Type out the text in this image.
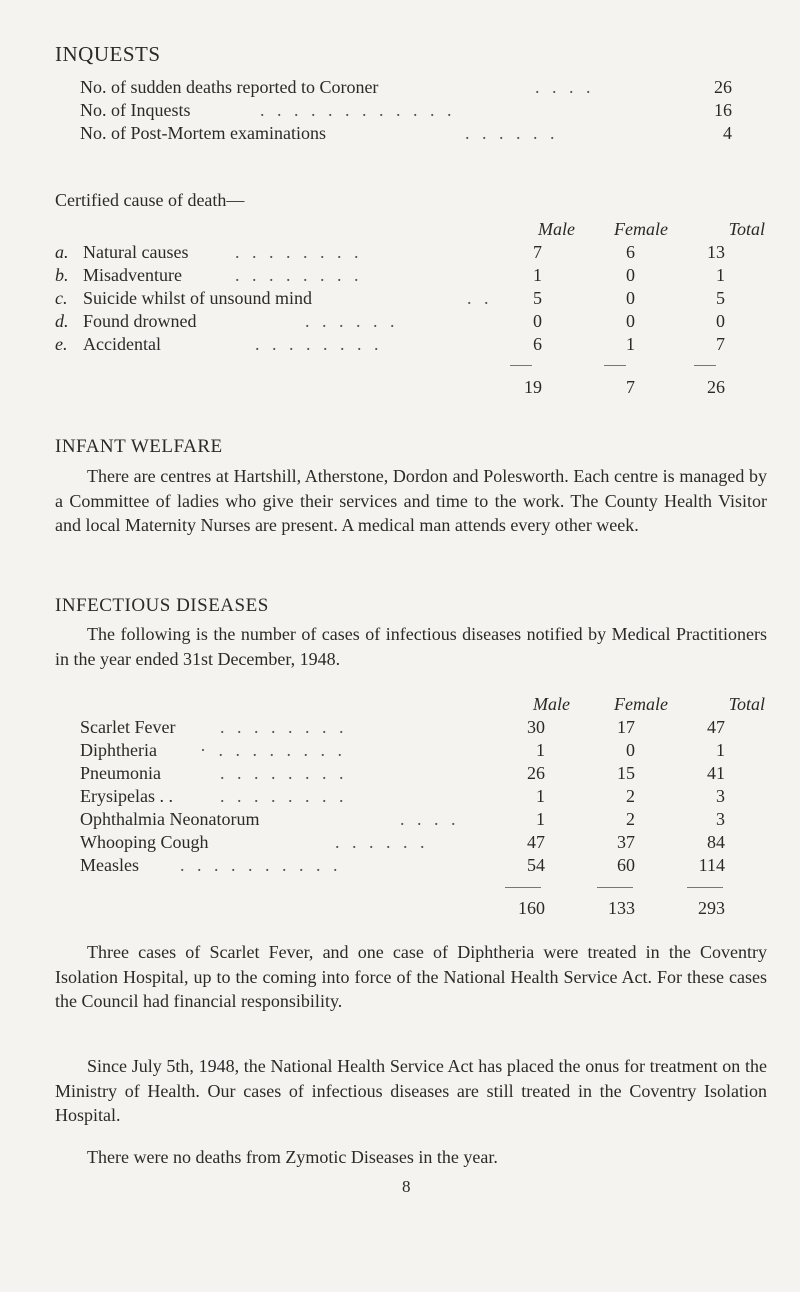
INQUESTS
No. of sudden deaths reported to Coroner	. . . .	26
No. of Inquests	. . . . . . . . . . . .	16
No. of Post-Mortem examinations	. . . . . .	4
Certified cause of death—
Male	Female	Total
a. Natural causes	. . . . . . . .	7	6	13
b. Misadventure	. . . . . . . .	1	0	1
c. Suicide whilst of unsound mind	. .	5	0	5
d. Found drowned	. . . . . .	0	0	0
e. Accidental	. . . . . . . .	6	1	7
19	7	26
INFANT WELFARE
There are centres at Hartshill, Atherstone, Dordon and Polesworth. Each centre is managed by a Committee of ladies who give their services and time to the work. The County Health Visitor and local Maternity Nurses are present. A medical man attends every other week.
INFECTIOUS DISEASES
The following is the number of cases of infectious diseases notified by Medical Practitioners in the year ended 31st December, 1948.
Male	Female	Total
Scarlet Fever . . . . . . . .	30	17	47
Diphtheria · . . . . . . . .	1	0	1
Pneumonia	. . . . . . . .	26	15	41
Erysipelas . .	. . . . . . . .	1	2	3
Ophthalmia Neonatorum	. . . .	1	2	3
Whooping Cough	. . . . . .	47	37	84
Measles . . . . . . . . . .	54	60	114
160	133	293
Three cases of Scarlet Fever, and one case of Diphtheria were treated in the Coventry Isolation Hospital, up to the coming into force of the National Health Service Act. For these cases the Council had financial responsibility.
Since July 5th, 1948, the National Health Service Act has placed the onus for treatment on the Ministry of Health. Our cases of infectious diseases are still treated in the Coventry Isolation Hospital.
There were no deaths from Zymotic Diseases in the year.
8
